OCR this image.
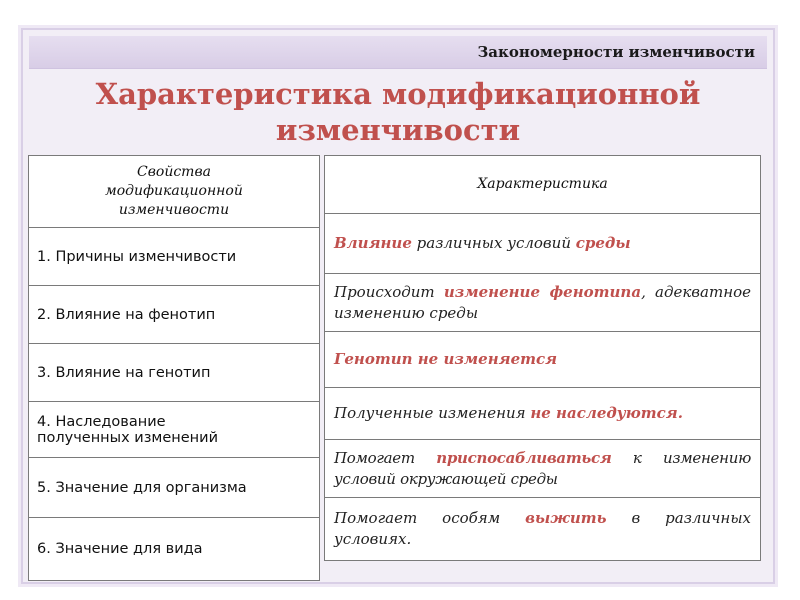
Закономерности изменчивости
Характеристика модификационной
изменчивости
Свойства
модификационной
изменчивости
1. Причины изменчивости
2. Влияние на фенотип
3. Влияние на генотип
4. Наследование
полученных изменений
5. Значение для организма
6. Значение для вида
Характеристика
Влияние различных условий среды
Происходит изменение фенотипа, адекватное изменению среды
Генотип не изменяется
Полученные изменения не наследуются.
Помогает приспосабливаться к изменению условий окружающей среды
Помогает особям выжить в различных условиях.
